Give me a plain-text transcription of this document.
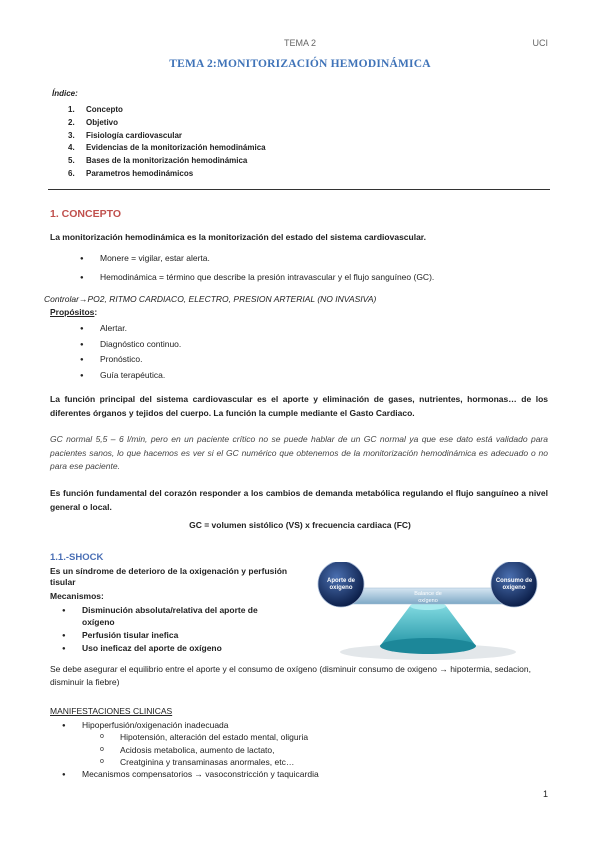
TEMA 2	UCI
TEMA 2:MONITORIZACIÓN HEMODINÁMICA
Índice:
1. Concepto
2. Objetivo
3. Fisiología cardiovascular
4. Evidencias de la monitorización hemodinámica
5. Bases de la monitorización hemodinámica
6. Parametros hemodinámicos
1. CONCEPTO
La monitorización hemodinámica es la monitorización del estado del sistema cardiovascular.
● Monere = vigilar, estar alerta.
● Hemodinámica = término que describe la presión intravascular y el flujo sanguíneo (GC).
Controlar→PO2, RITMO CARDIACO, ELECTRO, PRESION ARTERIAL (NO INVASIVA)
Propósitos:
● Alertar.
● Diagnóstico continuo.
● Pronóstico.
● Guía terapéutica.
La función principal del sistema cardiovascular es el aporte y eliminación de gases, nutrientes, hormonas… de los diferentes órganos y tejidos del cuerpo. La función la cumple mediante el Gasto Cardiaco.
GC normal 5,5 – 6 l/min, pero en un paciente crítico no se puede hablar de un GC normal ya que ese dato está validado para pacientes sanos, lo que hacemos es ver si el GC numérico que obtenemos de la monitorización hemodinámica es adecuado o no para ese paciente.
Es función fundamental del corazón responder a los cambios de demanda metabólica regulando el flujo sanguíneo a nivel general o local.
GC = volumen sistólico (VS) x frecuencia cardiaca (FC)
1.1.-SHOCK
Es un síndrome de deterioro de la oxigenación y perfusión tisular
Mecanismos:
● Disminución absoluta/relativa del aporte de oxígeno
● Perfusión tisular inefica
● Uso ineficaz del aporte de oxígeno
Aporte de
oxígeno
Consumo de
oxígeno
Balance de
oxígeno
Se debe asegurar el equilibrio entre el aporte y el consumo de oxígeno (disminuir consumo de oxigeno → hipotermia, sedacion, disminuir la fiebre)
MANIFESTACIONES CLINICAS
● Hipoperfusión/oxigenación inadecuada
o Hipotensión, alteración del estado mental, oliguria
o Acidosis metabolica, aumento de lactato,
o Creatginina y transaminasas anormales, etc…
● Mecanismos compensatorios → vasoconstricción y taquicardia
1
